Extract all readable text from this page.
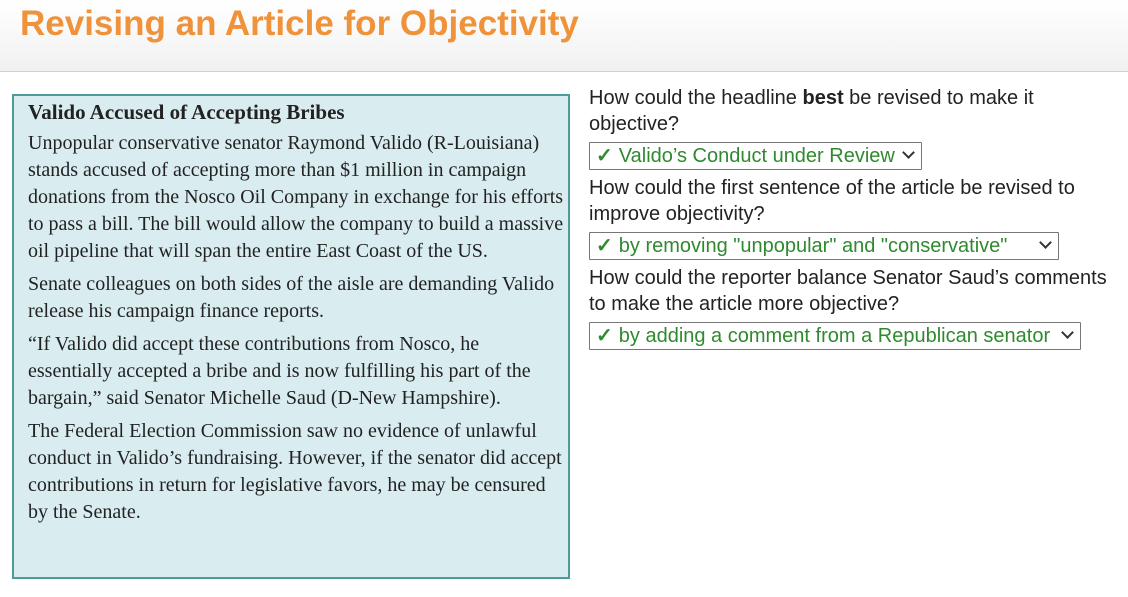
Revising an Article for Objectivity
Valido Accused of Accepting Bribes

Unpopular conservative senator Raymond Valido (R-Louisiana) stands accused of accepting more than $1 million in campaign donations from the Nosco Oil Company in exchange for his efforts to pass a bill. The bill would allow the company to build a massive oil pipeline that will span the entire East Coast of the US.

Senate colleagues on both sides of the aisle are demanding Valido release his campaign finance reports.

“If Valido did accept these contributions from Nosco, he essentially accepted a bribe and is now fulfilling his part of the bargain,” said Senator Michelle Saud (D-New Hampshire).

The Federal Election Commission saw no evidence of unlawful conduct in Valido’s fundraising. However, if the senator did accept contributions in return for legislative favors, he may be censured by the Senate.

How could the headline best be revised to make it objective?

✓ Valido’s Conduct under Review

How could the first sentence of the article be revised to improve objectivity?

✓ by removing "unpopular" and "conservative"

How could the reporter balance Senator Saud’s comments to make the article more objective?

✓ by adding a comment from a Republican senator
